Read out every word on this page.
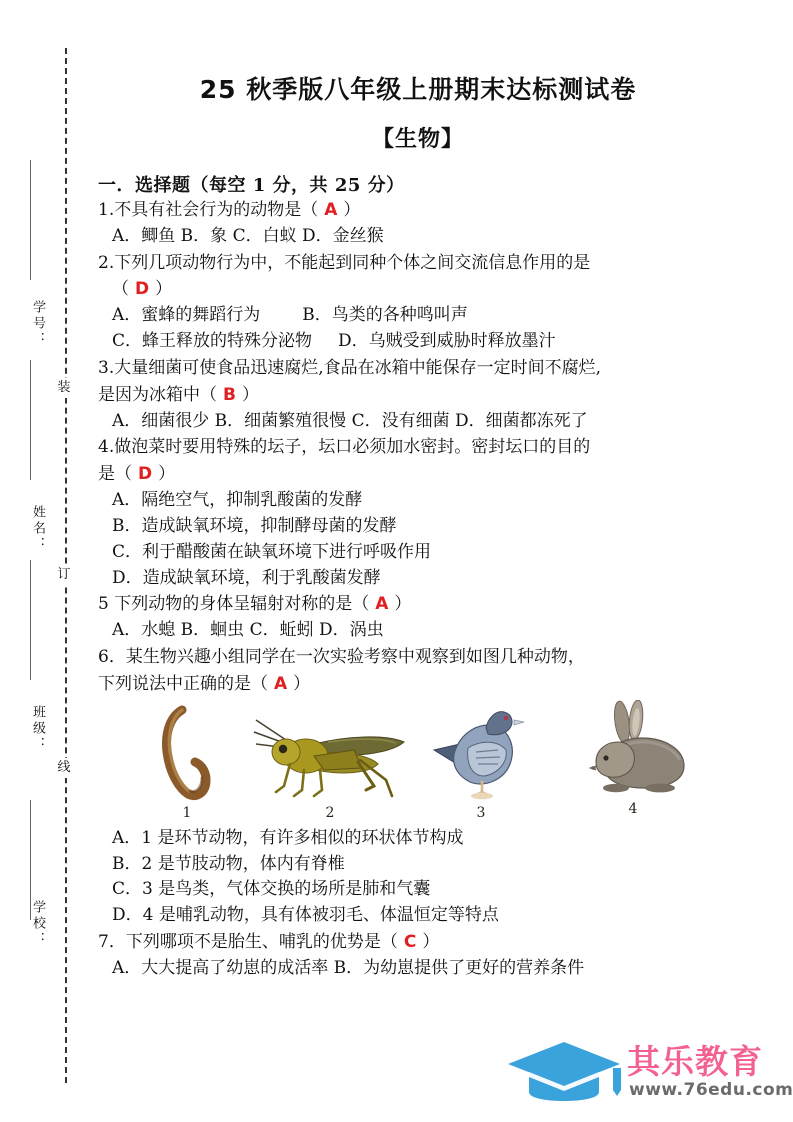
学号：
姓名：
班级：
学校：
装
订
线
25 秋季版八年级上册期末达标测试卷
【生物】
一．选择题（每空 1 分，共 25 分）
1.不具有社会行为的动物是（ A ）
A．鲫鱼 B．象 C．白蚁 D．金丝猴
2.下列几项动物行为中，不能起到同种个体之间交流信息作用的是
（ D ）
A．蜜蜂的舞蹈行为 B．鸟类的各种鸣叫声
C．蜂王释放的特殊分泌物 D．乌贼受到威胁时释放墨汁
3.大量细菌可使食品迅速腐烂,食品在冰箱中能保存一定时间不腐烂,
是因为冰箱中（ B ）
A．细菌很少 B．细菌繁殖很慢 C．没有细菌 D．细菌都冻死了
4.做泡菜时要用特殊的坛子，坛口必须加水密封。密封坛口的目的
是（ D ）
A．隔绝空气，抑制乳酸菌的发酵
B．造成缺氧环境，抑制酵母菌的发酵
C．利于醋酸菌在缺氧环境下进行呼吸作用
D．造成缺氧环境，利于乳酸菌发酵
5 下列动物的身体呈辐射对称的是（ A ）
A．水螅 B．蛔虫 C．蚯蚓 D．涡虫
6．某生物兴趣小组同学在一次实验考察中观察到如图几种动物，
下列说法中正确的是（ A ）
1	2	3	4
A．1 是环节动物，有许多相似的环状体节构成
B．2 是节肢动物，体内有脊椎
C．3 是鸟类，气体交换的场所是肺和气囊
D．4 是哺乳动物，具有体被羽毛、体温恒定等特点
7．下列哪项不是胎生、哺乳的优势是（ C ）
A．大大提高了幼崽的成活率 B．为幼崽提供了更好的营养条件
其乐教育
www.76edu.com
